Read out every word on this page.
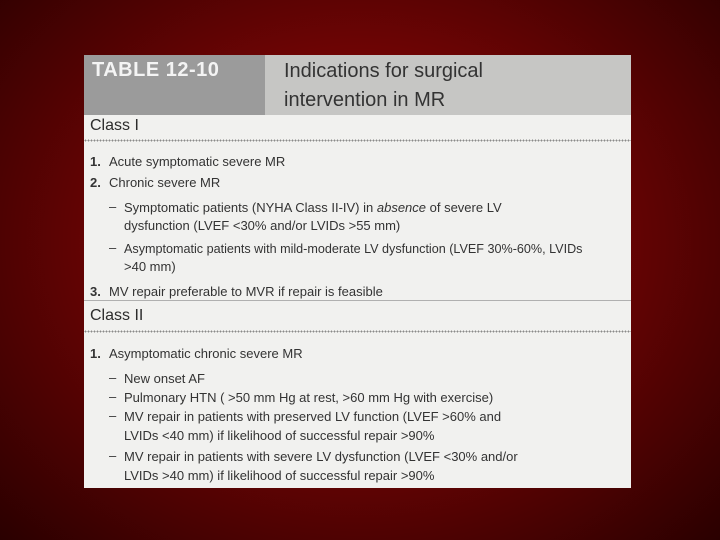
TABLE 12-10	Indications for surgical
intervention in MR
Class I
1. Acute symptomatic severe MR
2. Chronic severe MR
– Symptomatic patients (NYHA Class II-IV) in absence of severe LV
dysfunction (LVEF <30% and/or LVIDs >55 mm)
– Asymptomatic patients with mild-moderate LV dysfunction (LVEF 30%-60%, LVIDs
>40 mm)
3. MV repair preferable to MVR if repair is feasible
Class II
1. Asymptomatic chronic severe MR
– New onset AF
– Pulmonary HTN ( >50 mm Hg at rest, >60 mm Hg with exercise)
– MV repair in patients with preserved LV function (LVEF >60% and
LVIDs <40 mm) if likelihood of successful repair >90%
– MV repair in patients with severe LV dysfunction (LVEF <30% and/or
LVIDs >40 mm) if likelihood of successful repair >90%
